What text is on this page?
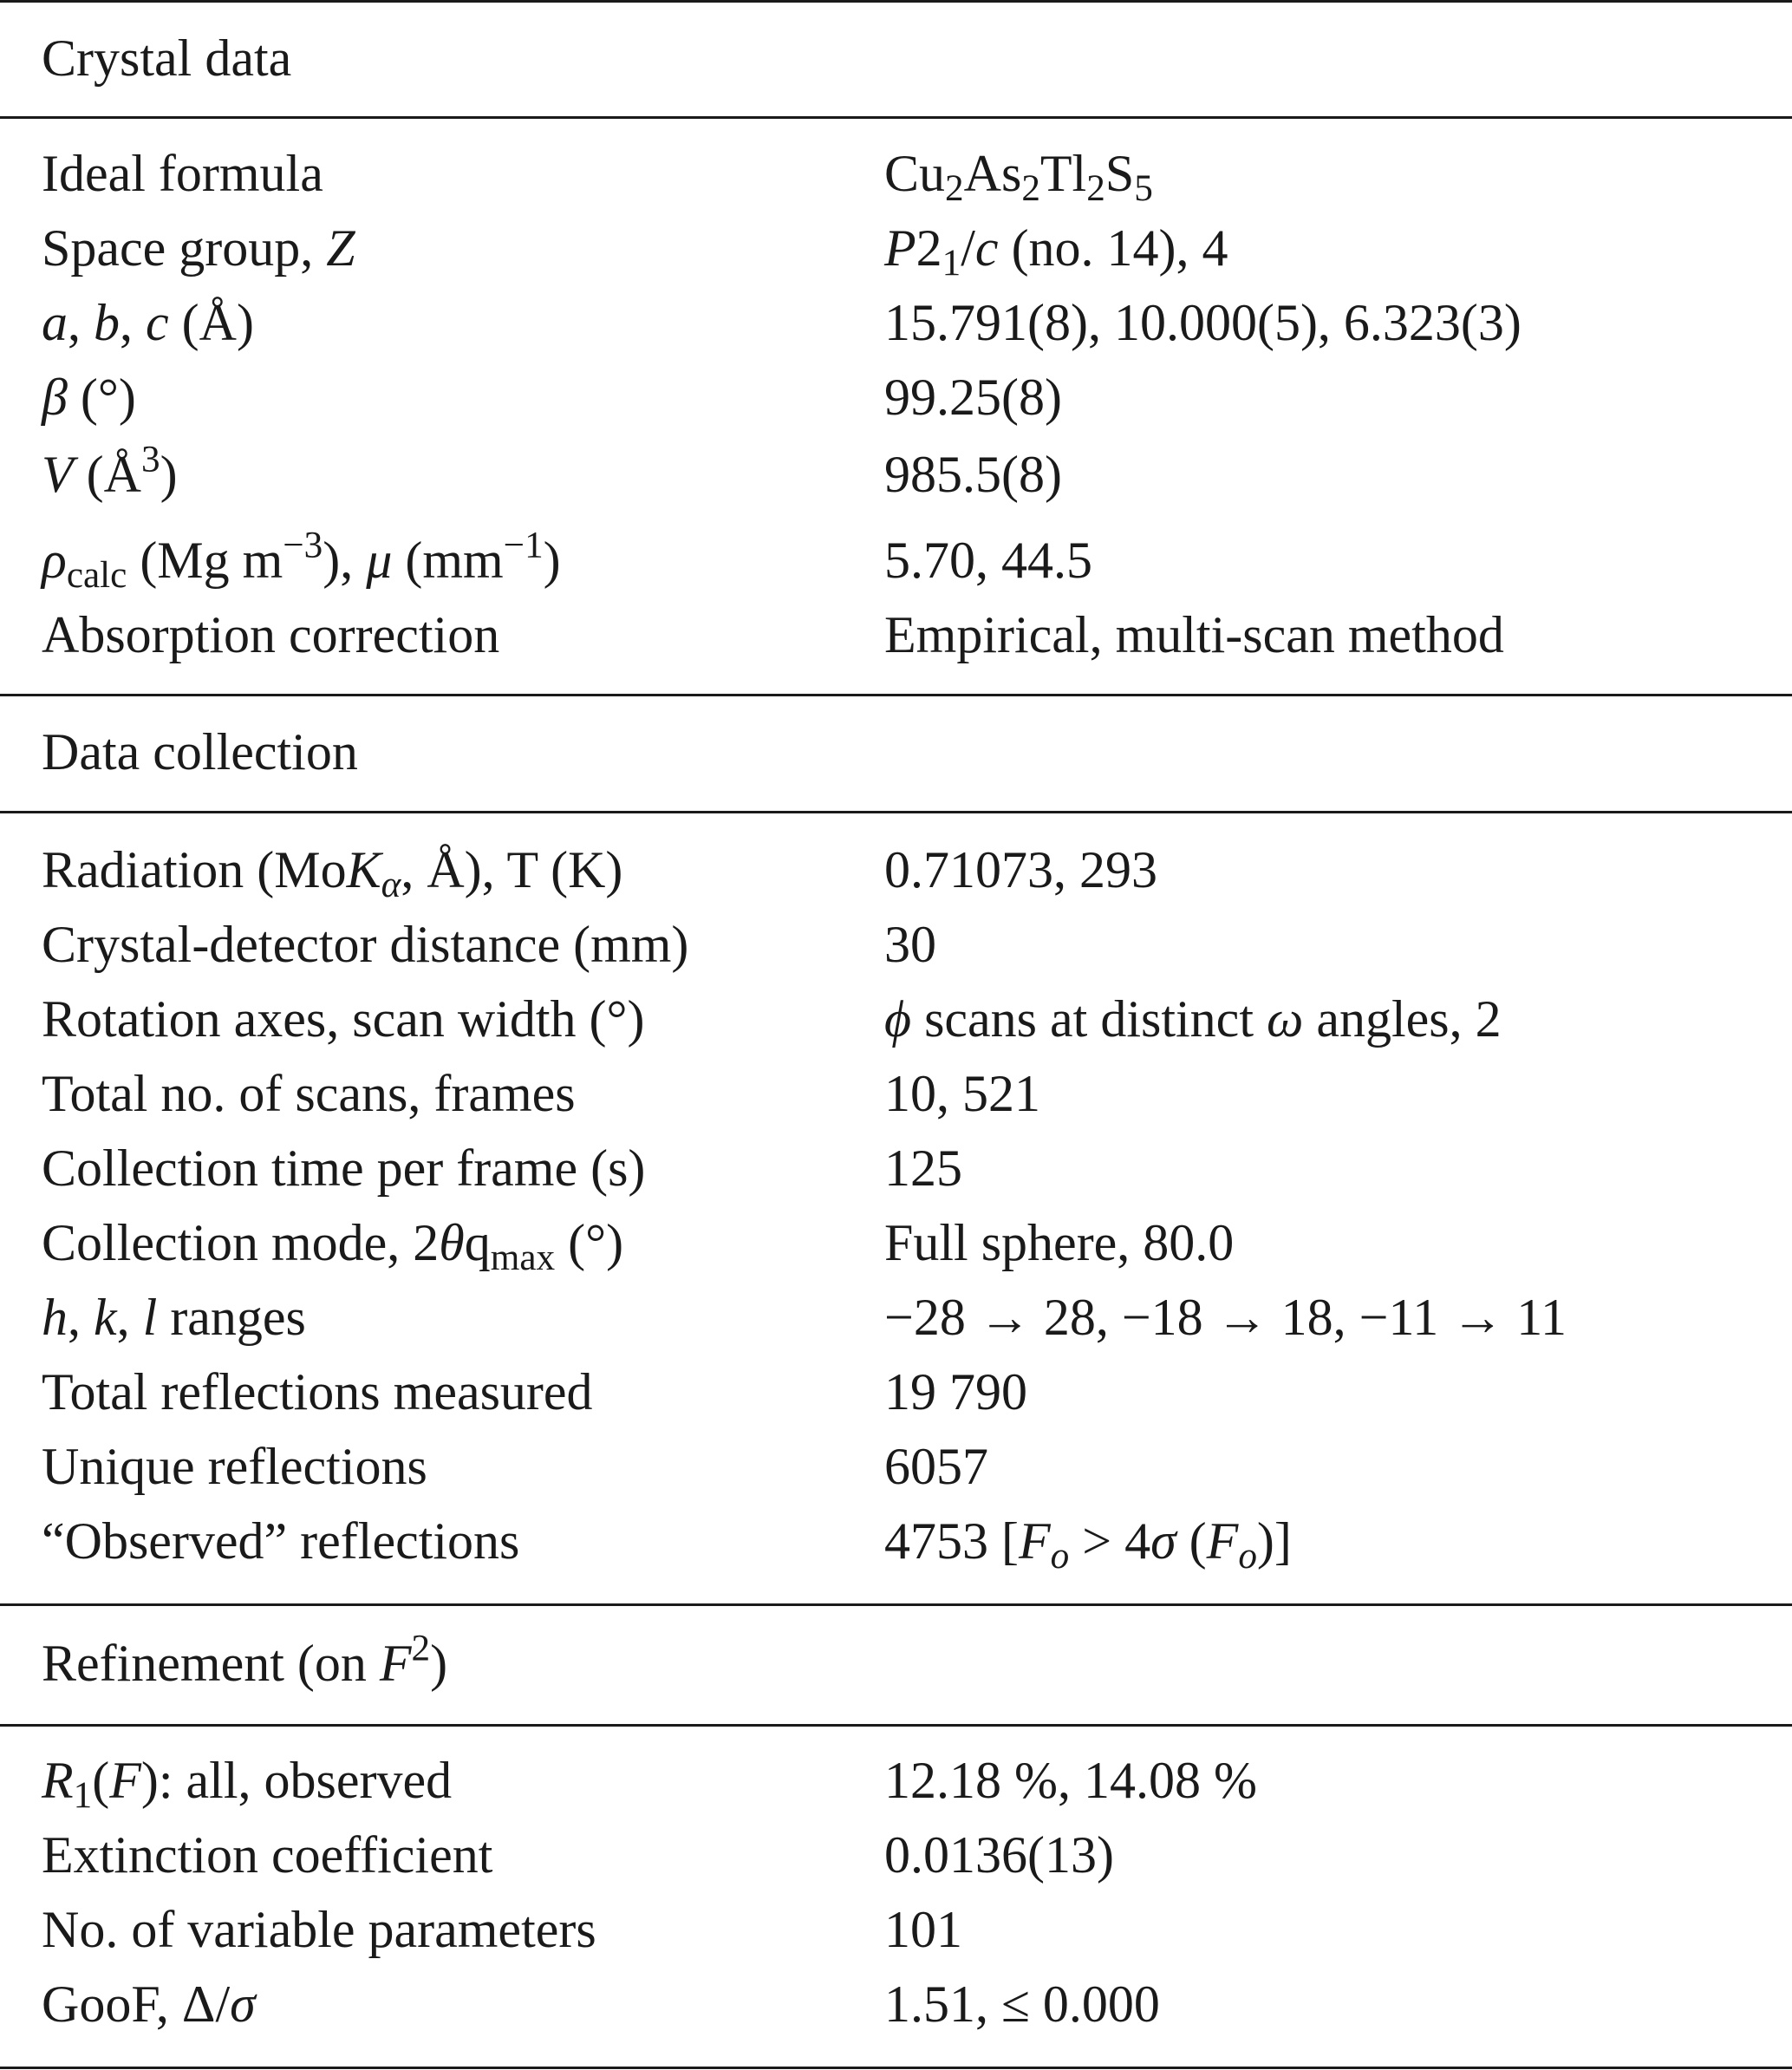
Crystal data
Ideal formula	$Cu_2As_2Tl_2S_5$
Space group, Z	$P2_1/c$ (no. 14), 4
a, b, c (Å)	15.791(8), 10.000(5), 6.323(3)
β (°)	99.25(8)
V $(Å^3)$	985.5(8)
$\rho_{calc}$ (Mg $m^{-3}$), μ $(mm^{-1})$	5.70, 44.5
Absorption correction	Empirical, multi-scan method
Data collection
Radiation (MoK$_\alpha$, Å), T (K)	0.71073, 293
Crystal-detector distance (mm)	30
Rotation axes, scan width (°)	ϕ scans at distinct ω angles, 2
Total no. of scans, frames	10, 521
Collection time per frame (s)	125
Collection mode, $2\theta q_{max}$ (°)	Full sphere, 80.0
h, k, l ranges	−28 → 28, −18 → 18, −11 → 11
Total reflections measured	19 790
Unique reflections	6057
“Observed” reflections	4753 [$F_o > 4\sigma$ $(F_o)$]
Refinement (on $F^2$)
$R_1(F)$: all, observed	12.18 %, 14.08 %
Extinction coefficient	0.0136(13)
No. of variable parameters	101
GooF, Δ/σ	1.51, ≤ 0.000
